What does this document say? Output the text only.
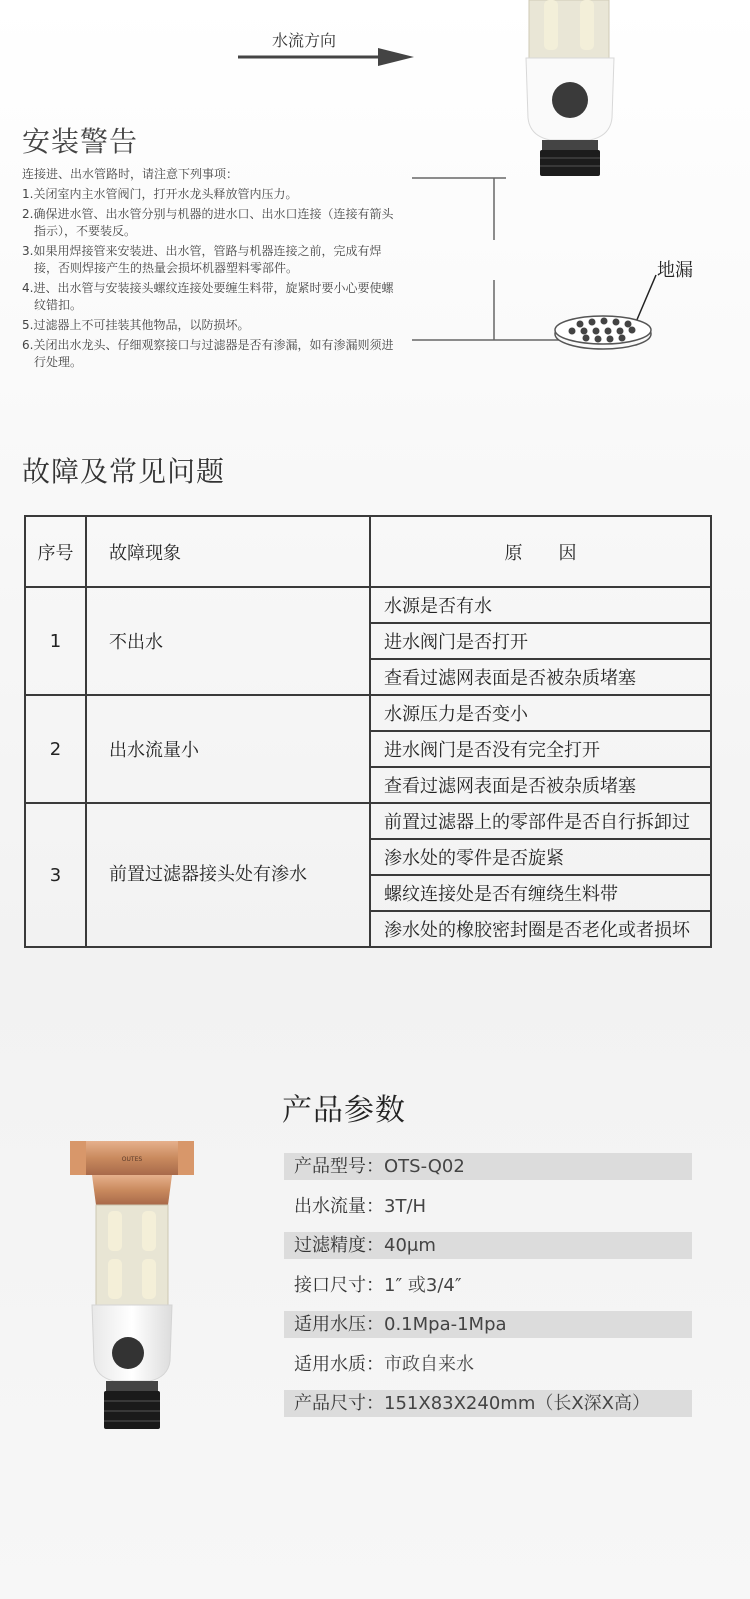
水流方向
地漏
安装警告

连接进、出水管路时，请注意下列事项：

1.关闭室内主水管阀门，打开水龙头释放管内压力。

2.确保进水管、出水管分别与机器的进水口、出水口连接（连接有箭头指示），不要装反。

3.如果用焊接管来安装进、出水管，管路与机器连接之前，完成有焊接，否则焊接产生的热量会损坏机器塑料零部件。

4.进、出水管与安装接头螺纹连接处要缠生料带，旋紧时要小心要使螺纹错扣。

5.过滤器上不可挂装其他物品，以防损坏。

6.关闭出水龙头、仔细观察接口与过滤器是否有渗漏，如有渗漏则须进行处理。

故障及常见问题
序号	故障现象	原　　因
1	不出水	水源是否有水
		进水阀门是否打开
		查看过滤网表面是否被杂质堵塞
2	出水流量小	水源压力是否变小
		进水阀门是否没有完全打开
		查看过滤网表面是否被杂质堵塞
3	前置过滤器接头处有渗水	前置过滤器上的零部件是否自行拆卸过
		渗水处的零件是否旋紧
		螺纹连接处是否有缠绕生料带
		渗水处的橡胶密封圈是否老化或者损坏
OUTES
产品参数
产品型号：OTS-Q02
出水流量：3T/H
过滤精度：40μm
接口尺寸：1″ 或3/4″
适用水压：0.1Mpa-1Mpa
适用水质：市政自来水
产品尺寸：151X83X240mm（长X深X高）
